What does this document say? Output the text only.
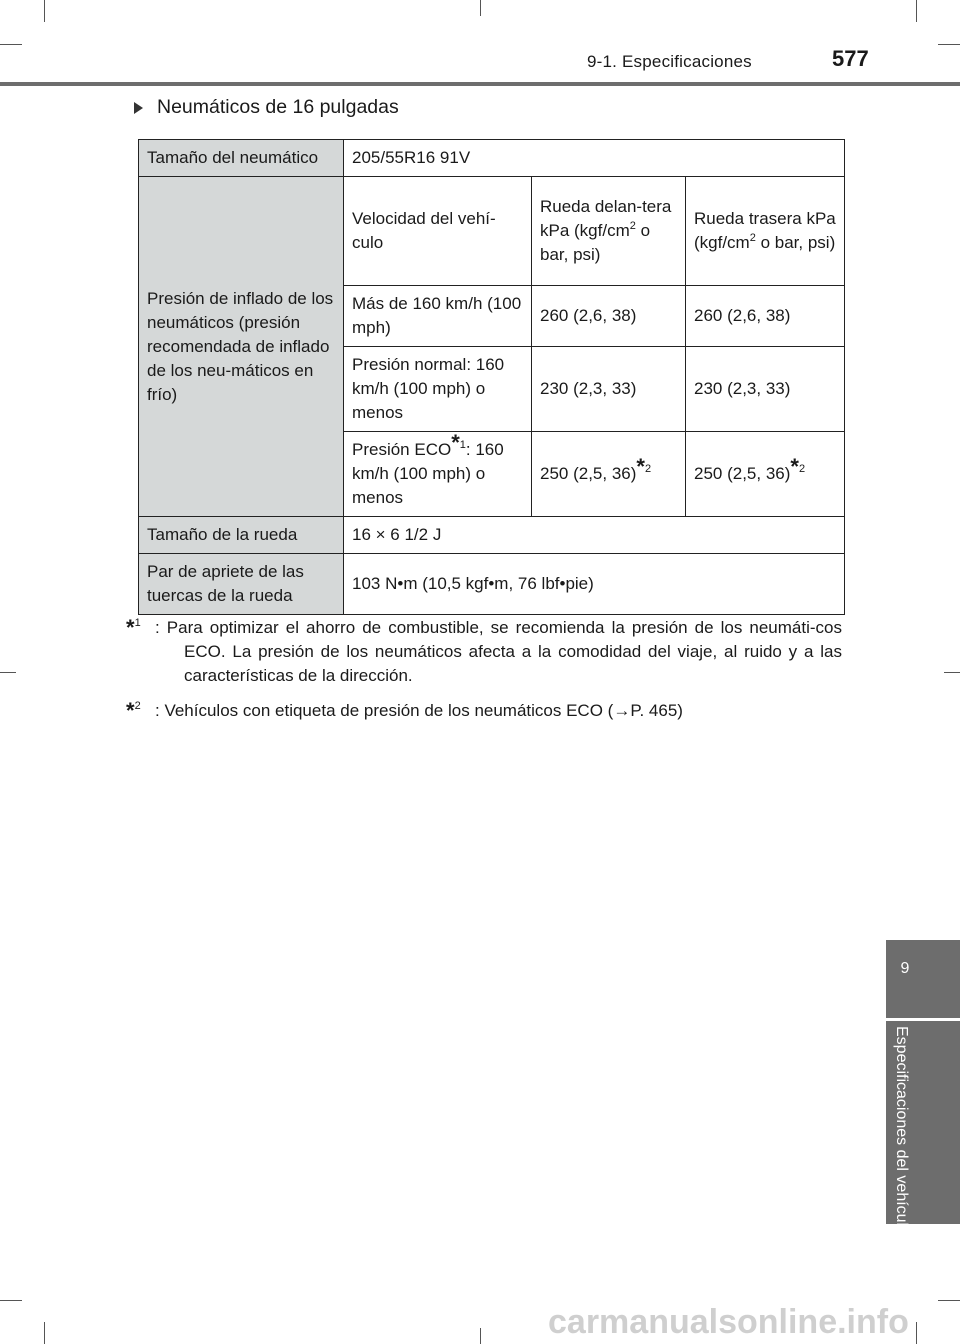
9-1. Especificaciones	577
Neumáticos de 16 pulgadas
Tamaño del neumático	205/55R16 91V		
Presión de inflado de los neumáticos (presión recomendada de inflado de los neu-máticos en frío)	Velocidad del vehí-culo	Rueda delan-tera kPa ($kgf/cm^2$ o bar, psi)	Rueda trasera kPa ($kgf/cm^2$ o bar, psi)
	Más de 160 km/h (100 mph)	260 (2,6, 38)	260 (2,6, 38)
	Presión normal: 160 km/h (100 mph) o menos	230 (2,3, 33)	230 (2,3, 33)
	Presión ECO$^{*1}$: 160 km/h (100 mph) o menos	250 (2,5, 36)$^{*2}$	250 (2,5, 36)$^{*2}$
Tamaño de la rueda	16 × 6 1/2 J		
Par de apriete de las tuercas de la rueda	103 N•m (10,5 kgf•m, 76 lbf•pie)		
*$^1$ : Para optimizar el ahorro de combustible, se recomienda la presión de los neumáti-cos ECO. La presión de los neumáticos afecta a la comodidad del viaje, al ruido y a las características de la dirección.
*$^2$ : Vehículos con etiqueta de presión de los neumáticos ECO (→P. 465)
9
Especificaciones del vehículo
carmanualsonline.info
